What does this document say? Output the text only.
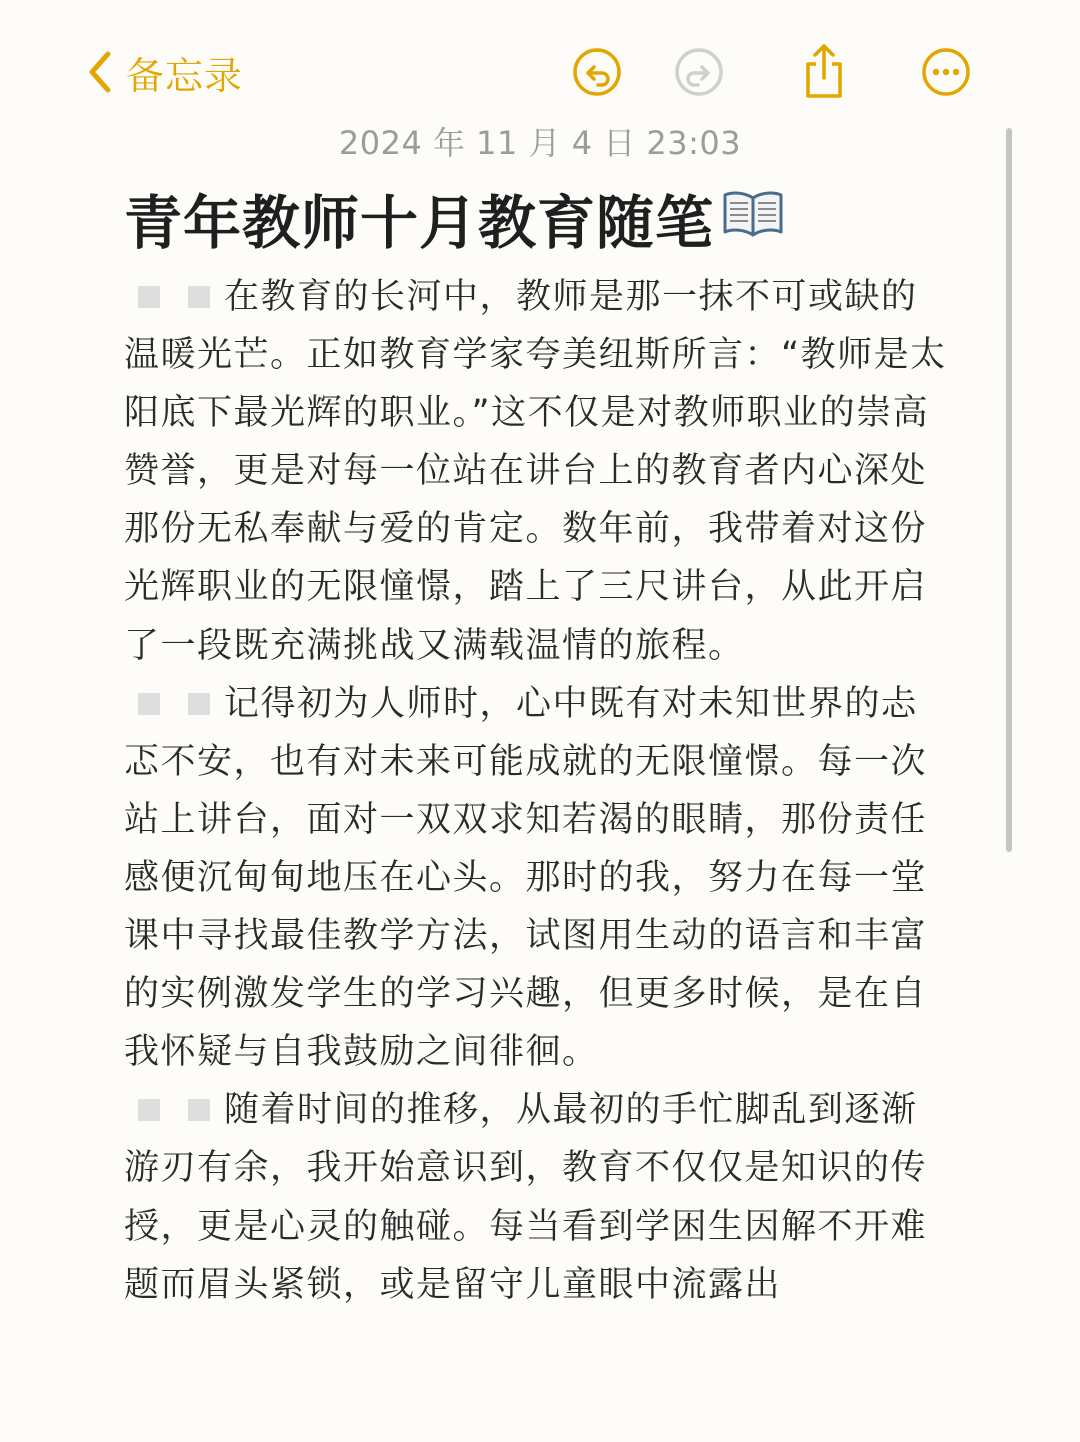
备忘录
2024 年 11 月 4 日 23:03
青年教师十月教育随笔

在教育的长河中，教师是那一抹不可或缺的温暖光芒。正如教育学家夸美纽斯所言：“教师是太阳底下最光辉的职业。”这不仅是对教师职业的崇高赞誉，更是对每一位站在讲台上的教育者内心深处那份无私奉献与爱的肯定。数年前，我带着对这份光辉职业的无限憧憬，踏上了三尺讲台，从此开启了一段既充满挑战又满载温情的旅程。

记得初为人师时，心中既有对未知世界的忐忑不安，也有对未来可能成就的无限憧憬。每一次站上讲台，面对一双双求知若渴的眼睛，那份责任感便沉甸甸地压在心头。那时的我，努力在每一堂课中寻找最佳教学方法，试图用生动的语言和丰富的实例激发学生的学习兴趣，但更多时候，是在自我怀疑与自我鼓励之间徘徊。

随着时间的推移，从最初的手忙脚乱到逐渐游刃有余，我开始意识到，教育不仅仅是知识的传授，更是心灵的触碰。每当看到学困生因解不开难题而眉头紧锁，或是留守儿童眼中流露出
